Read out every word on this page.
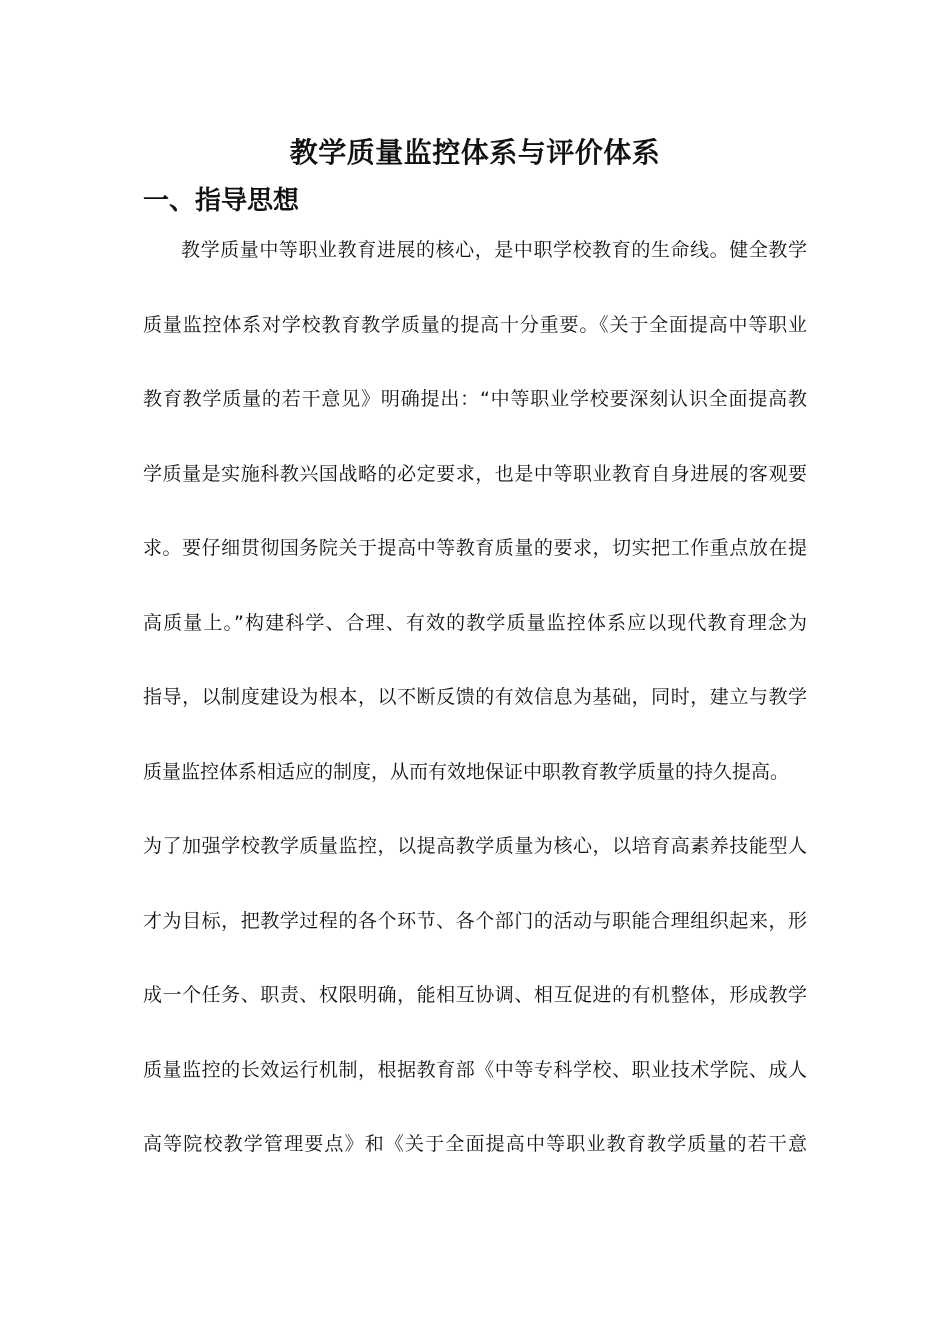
教学质量监控体系与评价体系
一、指导思想

教学质量中等职业教育进展的核心，是中职学校教育的生命线。健全教学

质量监控体系对学校教育教学质量的提高十分重要。《关于全面提高中等职业

教育教学质量的若干意见》明确提出：“中等职业学校要深刻认识全面提高教

学质量是实施科教兴国战略的必定要求，也是中等职业教育自身进展的客观要

求。要仔细贯彻国务院关于提高中等教育质量的要求，切实把工作重点放在提

高质量上。”构建科学、合理、有效的教学质量监控体系应以现代教育理念为

指导，以制度建设为根本，以不断反馈的有效信息为基础，同时，建立与教学

质量监控体系相适应的制度，从而有效地保证中职教育教学质量的持久提高。

为了加强学校教学质量监控，以提高教学质量为核心，以培育高素养技能型人

才为目标，把教学过程的各个环节、各个部门的活动与职能合理组织起来，形

成一个任务、职责、权限明确，能相互协调、相互促进的有机整体，形成教学

质量监控的长效运行机制，根据教育部《中等专科学校、职业技术学院、成人

高等院校教学管理要点》和《关于全面提高中等职业教育教学质量的若干意
